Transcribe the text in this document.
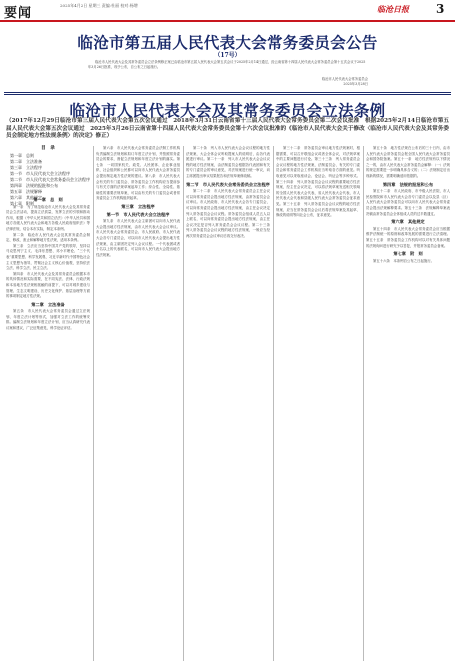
要闻
2025年4月2日 星期三 责编:杜丽 校对:杨增	临沧日报 3
临沧市第五届人民代表大会常务委员会公告
（17号）
临沧市人民代表大会及其常务委员会立法条例修正案已由临沧市第五届人民代表大会第五次会议于2025年2月14日通过，经云南省第十四届人民代表大会常务委员会第十五次会议于2025年3月26日批准，现予公布，自公布之日起施行。
临沧市人民代表大会常务委员会
2025年3月28日
临沧市人民代表大会及其常务委员会立法条例
（2017年12月29日临沧市第三届人民代表大会第五次会议通过　2018年3月31日云南省第十三届人民代表大会常务委员会第二次会议批准　根据2025年2月14日临沧市第五届人民代表大会第五次会议通过　2025年3月26日云南省第十四届人民代表大会常务委员会第十六次会议批准的《临沧市人民代表大会关于修改〈临沧市人民代表大会及其常务委员会制定地方性法规条例〉的决定》修正）
目　录
第一章　总则
第二章　立法准备
第三章　立法程序
第一节　市人民代表大会立法程序
第二节　市人民代表大会常务委员会立法程序
第四章　法规的报批和公布
第五章　法规解释
第六章　其他规定
第七章　附则

第一章　总　则

第一条　为了规范临沧市人民代表大会及其常务委员会立法活动，提高立法质量，发挥立法的引领和推动作用，根据《中华人民共和国立法法》《中华人民共和国地方各级人民代表大会和地方各级人民政府组织法》等法律法规，结合本市实际，制定本条例。

第二条　临沧市人民代表大会及其常务委员会制定、修改、废止和解释地方性法规，适用本条例。

第三条　立法应当坚持中国共产党的领导，坚持以马克思列宁主义、毛泽东思想、邓小平理论、“三个代表”重要思想、科学发展观、习近平新时代中国特色社会主义思想为指导，贯彻社会主义核心价值观，坚持依法立法、科学立法、民主立法。

第四条　市人民代表大会及其常务委员会根据本市的具体情况和实际需要，在不同宪法、法律、行政法规和本省地方性法规相抵触的前提下，可以对城乡建设与管理、生态文明建设、历史文化保护、基层治理等方面的事项制定地方性法规。

第二章　立法准备

第五条　市人民代表大会常务委员会通过立法规划、年度立法计划等形式，加强对立法工作的统筹安排。编制立法规划和年度立法计划，应当认真研究代表议案和建议，广泛征集意见，科学论证评估。

第六条　市人民代表大会常务委员会法制工作机构负责编制立法规划和拟订年度立法计划，并按照常务委员会的要求，督促立法规划和年度立法计划的落实。第七条　一切国家机关、政党、人民团体、企业事业组织、社会组织和公民都可以向市人民代表大会常务委员会提出制定地方性法规的建议。第八条　市人民代表大会有关的专门委员会、常务委员会工作机构应当提前参与有关方面的法规草案起草工作；综合性、全局性、基础性的重要法规草案，可以由有关的专门委员会或者常务委员会工作机构组织起草。

第三章　立法程序

第一节　市人民代表大会立法程序

第九条　市人民代表大会主席团可以向市人民代表大会提出地方性法规案，由市人民代表大会会议审议。市人民代表大会常务委员会、市人民政府、市人民代表大会各专门委员会，可以向市人民代表大会提出地方性法规案，由主席团决定列入会议议程。一个代表团或者十名以上的代表联名，可以向市人民代表大会提出地方性法规案。

第二十条　列入市人民代表大会会议议程的地方性法规案，大会全体会议听取提案人的说明后，由各代表团进行审议。第二十一条　列入市人民代表大会会议议程的地方性法规案，由法制委员会根据各代表团和有关的专门委员会的审议意见，对法规案进行统一审议，向主席团提出审议结果报告和法规草案修改稿。

第二节　市人民代表大会常务委员会立法程序

第二十二条　市人民代表大会常务委员会主任会议可以向常务委员会提出地方性法规案，由常务委员会会议审议。市人民政府、市人民代表大会各专门委员会，可以向常务委员会提出地方性法规案，由主任会议决定列入常务委员会会议议程。常务委员会组成人员五人以上联名，可以向常务委员会提出地方性法规案，由主任会议决定是否列入常务委员会会议议程。第二十三条　列入常务委员会会议议程的地方性法规案，一般应当经两次常务委员会会议审议后再交付表决。

第三十二条　常务委员会审议地方性法规案时，根据需要，可以召开联组会议或者全体会议，对法规草案中的主要问题进行讨论。第三十三条　列入常务委员会会议议程的地方性法规案，法制委员会、有关的专门委员会和常务委员会工作机构应当听取各方面的意见。听取意见可以采取座谈会、论证会、听证会等多种形式。第三十四条　列入常务委员会会议议程的重要地方性法规案，经主任会议决定，可以将法规草案发送相关领域的全国人民代表大会代表、省人民代表大会代表、市人民代表大会代表和县级人民代表大会常务委员会征求意见。第三十五条　列入常务委员会会议议程的地方性法规案，应当在常务委员会会议后将法规草案及其起草、修改的说明等向社会公布，征求意见。

第五十条　地方性法规在公布后的三十日内，由市人民代表大会常务委员会报全国人民代表大会常务委员会和国务院备案。第五十一条　地方性法规有以下情况之一的，由市人民代表大会常务委员会解释：（一）法规的规定需要进一步明确具体含义的；（二）法规制定后出现新的情况，需要明确适用依据的。

第四章　法规的报批和公布

第五十二条　市人民政府、市中级人民法院、市人民检察院和市人民代表大会各专门委员会以及县（区）人民代表大会常务委员会可以向市人民代表大会常务委员会提出法规解释要求。第五十三条　法规解释草案表决稿由常务委员会全体组成人员的过半数通过。

第六章　其他规定

第五十四条　市人民代表大会常务委员会应当根据维护法制统一的原则和改革发展的需要进行立法清理。第五十五条　常务委员会工作机构可以对有关具体问题的法规询问进行研究予以答复，并报常务委员会备案。

第七章　附　则

第五十六条　本条例自公布之日起施行。
